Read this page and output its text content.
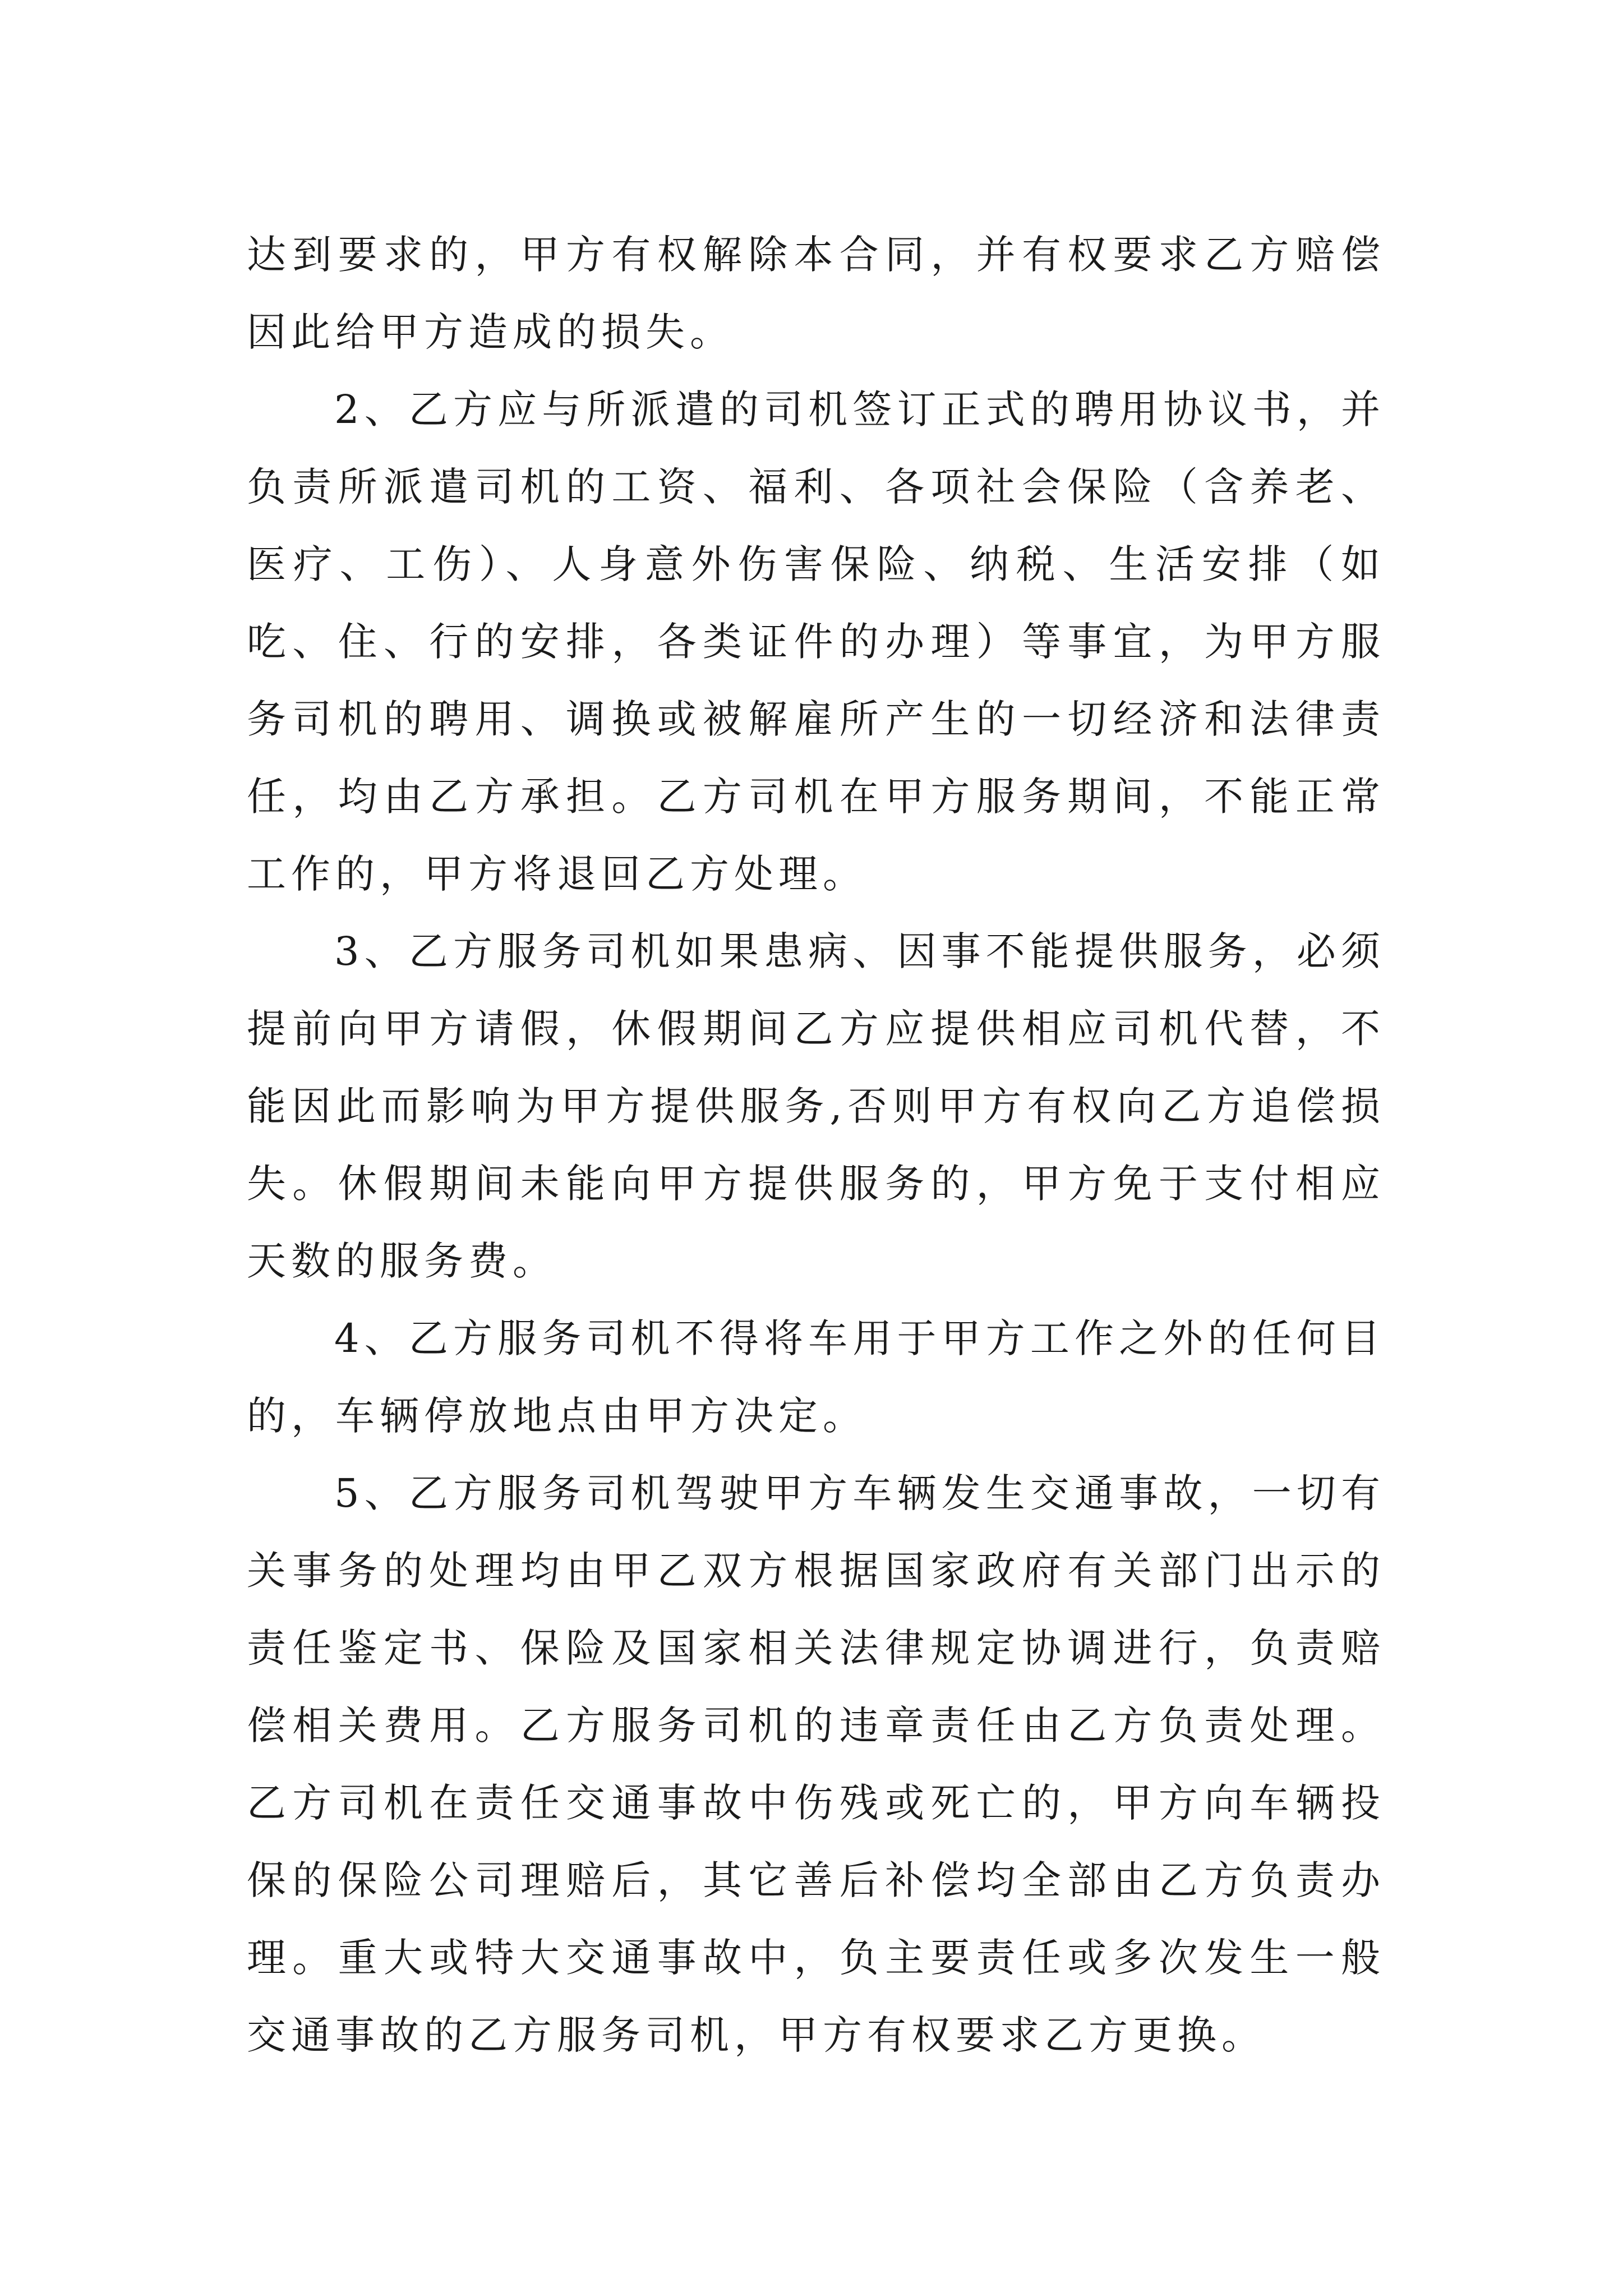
达到要求的，甲方有权解除本合同，并有权要求乙方赔偿因此给甲方造成的损失。

2、乙方应与所派遣的司机签订正式的聘用协议书，并负责所派遣司机的工资、福利、各项社会保险（含养老、医疗、工伤）、人身意外伤害保险、纳税、生活安排（如吃、住、行的安排，各类证件的办理）等事宜，为甲方服务司机的聘用、调换或被解雇所产生的一切经济和法律责任，均由乙方承担。乙方司机在甲方服务期间，不能正常工作的，甲方将退回乙方处理。

3、乙方服务司机如果患病、因事不能提供服务，必须提前向甲方请假，休假期间乙方应提供相应司机代替，不能因此而影响为甲方提供服务,否则甲方有权向乙方追偿损失。休假期间未能向甲方提供服务的，甲方免于支付相应天数的服务费。

4、乙方服务司机不得将车用于甲方工作之外的任何目的，车辆停放地点由甲方决定。

5、乙方服务司机驾驶甲方车辆发生交通事故，一切有关事务的处理均由甲乙双方根据国家政府有关部门出示的责任鉴定书、保险及国家相关法律规定协调进行，负责赔偿相关费用。乙方服务司机的违章责任由乙方负责处理。乙方司机在责任交通事故中伤残或死亡的，甲方向车辆投保的保险公司理赔后，其它善后补偿均全部由乙方负责办理。重大或特大交通事故中，负主要责任或多次发生一般交通事故的乙方服务司机，甲方有权要求乙方更换。
